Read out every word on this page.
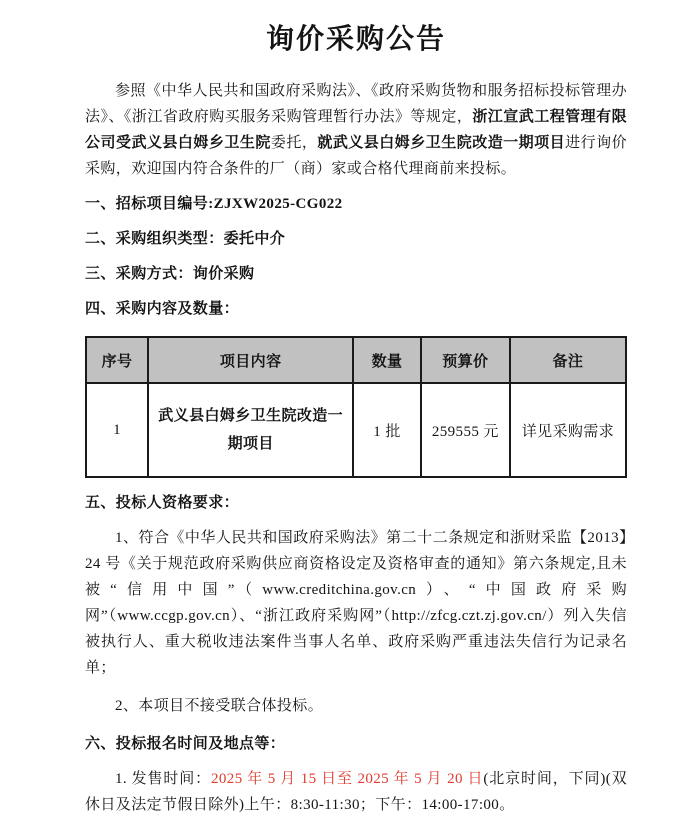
询价采购公告

参照《中华人民共和国政府采购法》、《政府采购货物和服务招标投标管理办法》、《浙江省政府购买服务采购管理暂行办法》等规定，浙江宣武工程管理有限公司受武义县白姆乡卫生院委托，就武义县白姆乡卫生院改造一期项目进行询价采购，欢迎国内符合条件的厂（商）家或合格代理商前来投标。

一、招标项目编号:ZJXW2025-CG022

二、采购组织类型：委托中介

三、采购方式：询价采购

四、采购内容及数量：

序号	项目内容	数量	预算价	备注
1	武义县白姆乡卫生院改造一期项目	1 批	259555 元	详见采购需求

五、投标人资格要求：

1、符合《中华人民共和国政府采购法》第二十二条规定和浙财采监【2013】24 号《关于规范政府采购供应商资格设定及资格审查的通知》第六条规定,且未被“信用中国”（www.creditchina.gov.cn）、“中国政府采购网”（www.ccgp.gov.cn）、“浙江政府采购网”（http://zfcg.czt.zj.gov.cn/）列入失信被执行人、重大税收违法案件当事人名单、政府采购严重违法失信行为记录名单；

2、本项目不接受联合体投标。

六、投标报名时间及地点等：

1. 发售时间：2025 年 5 月 15 日至 2025 年 5 月 20 日(北京时间，下同)(双休日及法定节假日除外)上午：8:30-11:30；下午：14:00-17:00。
